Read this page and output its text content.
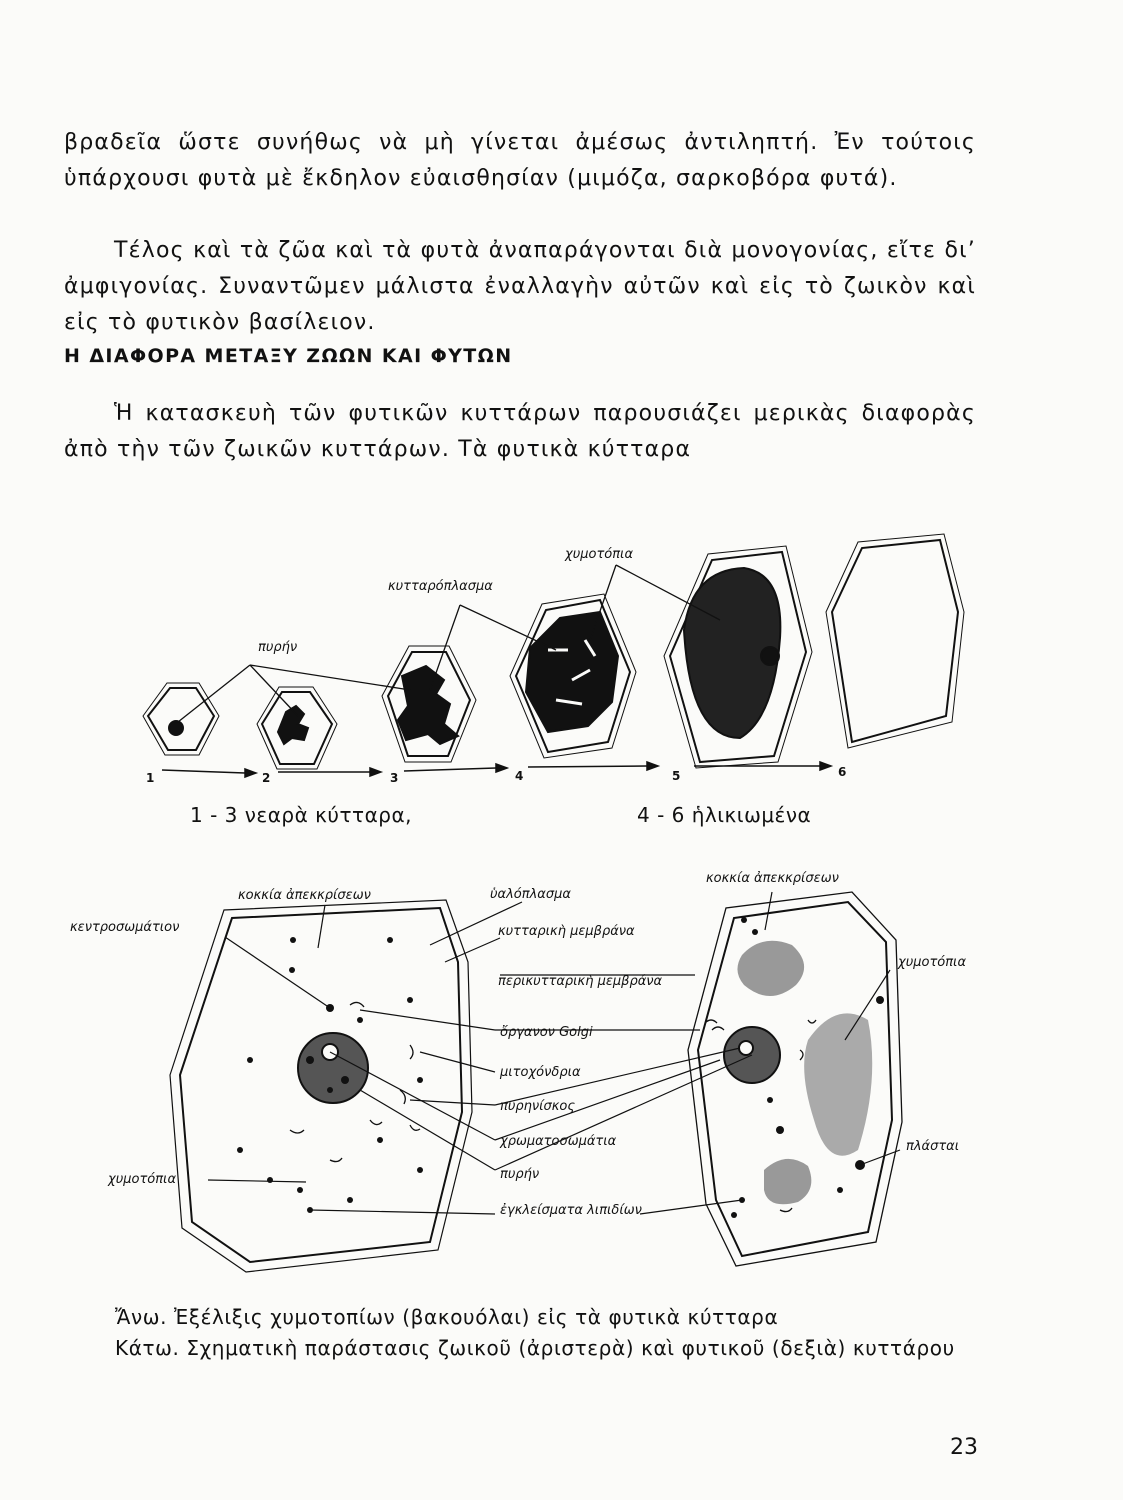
βραδεῖα ὥστε συνήθως νὰ μὴ γίνεται ἀμέσως ἀντιληπτή. Ἐν τούτοις ὑπάρχουσι φυτὰ μὲ ἔκδηλον εὐαισθησίαν (μιμόζα, σαρκοβόρα φυτά).

Τέλος καὶ τὰ ζῶα καὶ τὰ φυτὰ ἀναπαράγονται διὰ μονογονίας, εἴτε δι’ ἀμφιγονίας. Συναντῶμεν μάλιστα ἐναλλαγὴν αὐτῶν καὶ εἰς τὸ ζωικὸν καὶ εἰς τὸ φυτικὸν βασίλειον.

Η ΔΙΑΦΟΡΑ ΜΕΤΑΞΥ ΖΩΩΝ ΚΑΙ ΦΥΤΩΝ

Ἡ κατασκευὴ τῶν φυτικῶν κυττάρων παρουσιάζει μερικὰς διαφορὰς ἀπὸ τὴν τῶν ζωικῶν κυττάρων. Τὰ φυτικὰ κύτταρα

χυμοτόπια
κυτταρόπλασμα
πυρήν
1	2	3	4	5	6
1 - 3 νεαρὰ κύτταρα,	4 - 6 ἡλικιωμένα
κοκκία ἀπεκκρίσεων
κοκκία ἀπεκκρίσεων
κεντροσωμάτιον
ὑαλόπλασμα
κυτταρικὴ μεμβράνα
περικυτταρικὴ μεμβράνα
ὄργανον Golgi
μιτοχόνδρια
πυρηνίσκος
χρωματοσωμάτια
πυρήν
ἐγκλείσματα λιπιδίων
χυμοτόπια
χυμοτόπια
πλάσται

Ἄνω. Ἐξέλιξις χυμοτοπίων (βακουόλαι) εἰς τὰ φυτικὰ κύτταρα

Κάτω. Σχηματικὴ παράστασις ζωικοῦ (ἀριστερὰ) καὶ φυτικοῦ (δεξιὰ) κυττάρου

23
